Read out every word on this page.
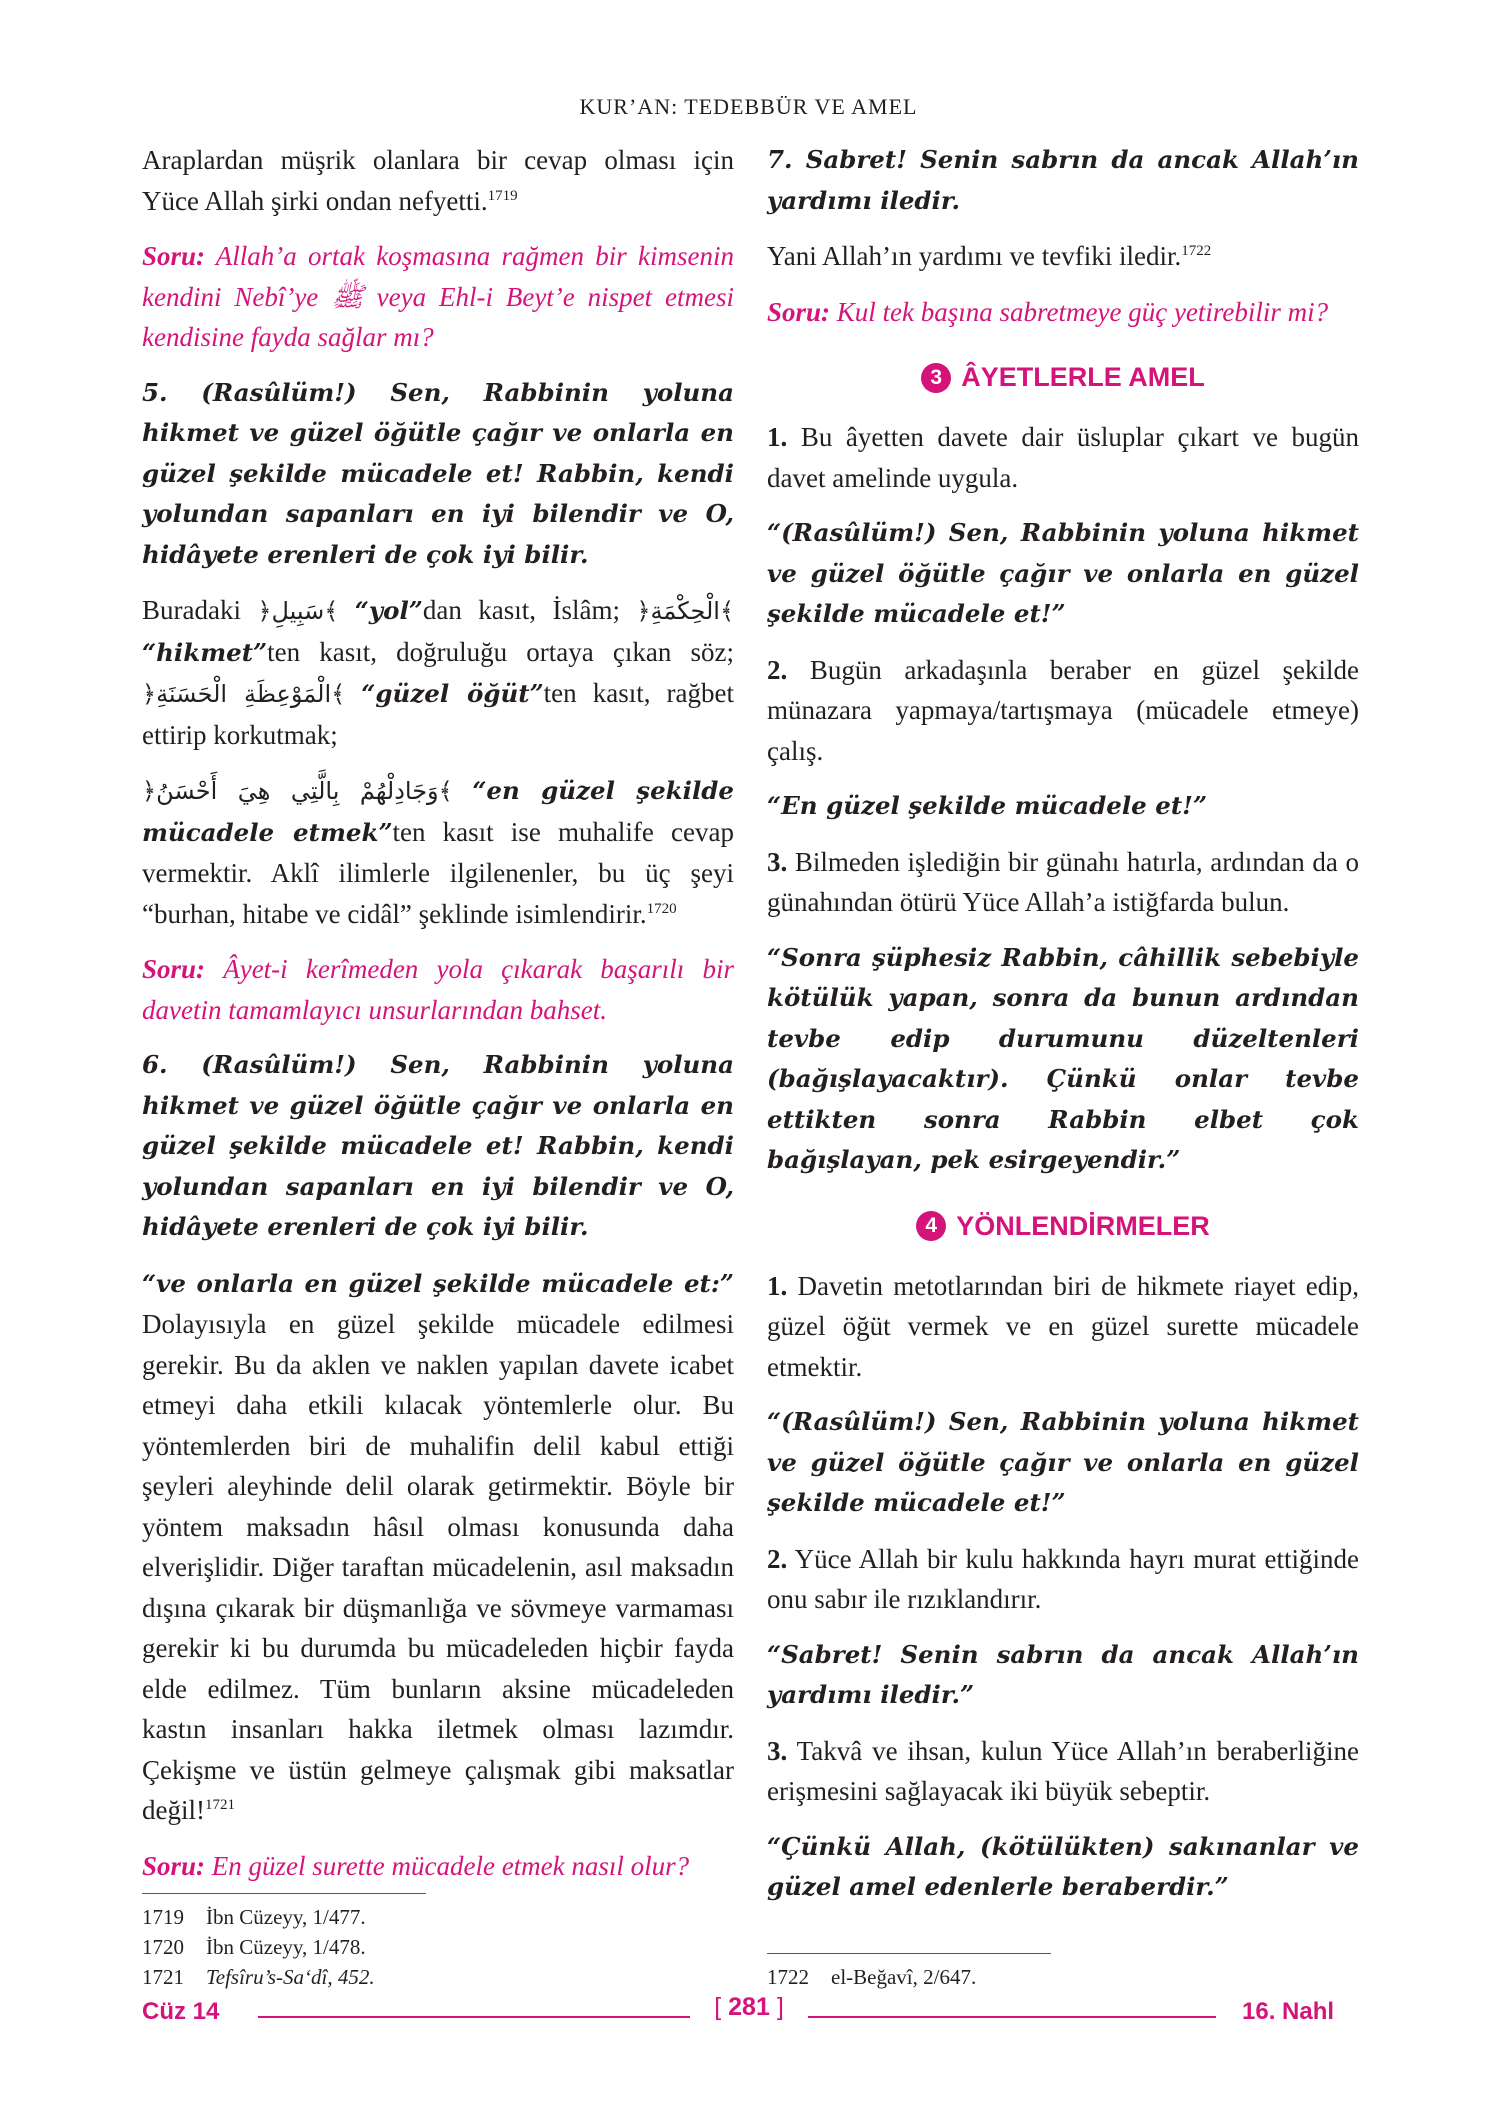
KUR’AN: TEDEBBÜR VE AMEL

Araplardan müşrik olanlara bir cevap olması için Yüce Allah şirki ondan nefyetti.$^{1719}$

Soru: Allah’a ortak koşmasına rağmen bir kimsenin kendini Nebî’ye ﷺ veya Ehl-i Beyt’e nispet etmesi kendisine fayda sağlar mı?

5. (Rasûlüm!) Sen, Rabbinin yoluna hikmet ve güzel öğütle çağır ve onlarla en güzel şekilde mücadele et! Rabbin, kendi yolundan sapanları en iyi bilendir ve O, hidâyete erenleri de çok iyi bilir.

Buradaki ﴿سَبِيلِ﴾ “yol”dan kasıt, İslâm; ﴿الْحِكْمَةِ﴾ “hikmet”ten kasıt, doğruluğu ortaya çıkan söz; ﴿الْمَوْعِظَةِ الْحَسَنَةِ﴾ “güzel öğüt”ten kasıt, rağbet ettirip korkutmak;

﴿وَجَادِلْهُمْ بِالَّتِي هِيَ أَحْسَنُ﴾ “en güzel şekilde mücadele etmek”ten kasıt ise muhalife cevap vermektir. Aklî ilimlerle ilgilenenler, bu üç şeyi “burhan, hitabe ve cidâl” şeklinde isimlendirir.$^{1720}$

Soru: Âyet-i kerîmeden yola çıkarak başarılı bir davetin tamamlayıcı unsurlarından bahset.

6. (Rasûlüm!) Sen, Rabbinin yoluna hikmet ve güzel öğütle çağır ve onlarla en güzel şekilde mücadele et! Rabbin, kendi yolundan sapanları en iyi bilendir ve O, hidâyete erenleri de çok iyi bilir.

“ve onlarla en güzel şekilde mücadele et:” Dolayısıyla en güzel şekilde mücadele edilmesi gerekir. Bu da aklen ve naklen yapılan davete icabet etmeyi daha etkili kılacak yöntemlerle olur. Bu yöntemlerden biri de muhalifin delil kabul ettiği şeyleri aleyhinde delil olarak getirmektir. Böyle bir yöntem maksadın hâsıl olması konusunda daha elverişlidir. Diğer taraftan mücadelenin, asıl maksadın dışına çıkarak bir düşmanlığa ve sövmeye varmaması gerekir ki bu durumda bu mücadeleden hiçbir fayda elde edilmez. Tüm bunların aksine mücadeleden kastın insanları hakka iletmek olması lazımdır. Çekişme ve üstün gelmeye çalışmak gibi maksatlar değil!$^{1721}$

Soru: En güzel surette mücadele etmek nasıl olur?

7. Sabret! Senin sabrın da ancak Allah’ın yardımı iledir.

Yani Allah’ın yardımı ve tevfiki iledir.$^{1722}$

Soru: Kul tek başına sabretmeye güç yetirebilir mi?

3 ÂYETLERLE AMEL

1. Bu âyetten davete dair üsluplar çıkart ve bugün davet amelinde uygula.

“(Rasûlüm!) Sen, Rabbinin yoluna hikmet ve güzel öğütle çağır ve onlarla en güzel şekilde mücadele et!”

2. Bugün arkadaşınla beraber en güzel şekilde münazara yapmaya/tartışmaya (mücadele etmeye) çalış.

“En güzel şekilde mücadele et!”

3. Bilmeden işlediğin bir günahı hatırla, ardından da o günahından ötürü Yüce Allah’a istiğfarda bulun.

“Sonra şüphesiz Rabbin, câhillik sebebiyle kötülük yapan, sonra da bunun ardından tevbe edip durumunu düzeltenleri (bağışlayacaktır). Çünkü onlar tevbe ettikten sonra Rabbin elbet çok bağışlayan, pek esirgeyendir.”

4 YÖNLENDİRMELER

1. Davetin metotlarından biri de hikmete riayet edip, güzel öğüt vermek ve en güzel surette mücadele etmektir.

“(Rasûlüm!) Sen, Rabbinin yoluna hikmet ve güzel öğütle çağır ve onlarla en güzel şekilde mücadele et!”

2. Yüce Allah bir kulu hakkında hayrı murat ettiğinde onu sabır ile rızıklandırır.

“Sabret! Senin sabrın da ancak Allah’ın yardımı iledir.”

3. Takvâ ve ihsan, kulun Yüce Allah’ın beraberliğine erişmesini sağlayacak iki büyük sebeptir.

“Çünkü Allah, (kötülükten) sakınanlar ve güzel amel edenlerle beraberdir.”

1719 İbn Cüzeyy, 1/477.
1720 İbn Cüzeyy, 1/478.
1721 Tefsîru’s-Sa‘dî, 452.	1722 el-Beğavî, 2/647.
Cüz 14	[ 281 ]	16. Nahl
